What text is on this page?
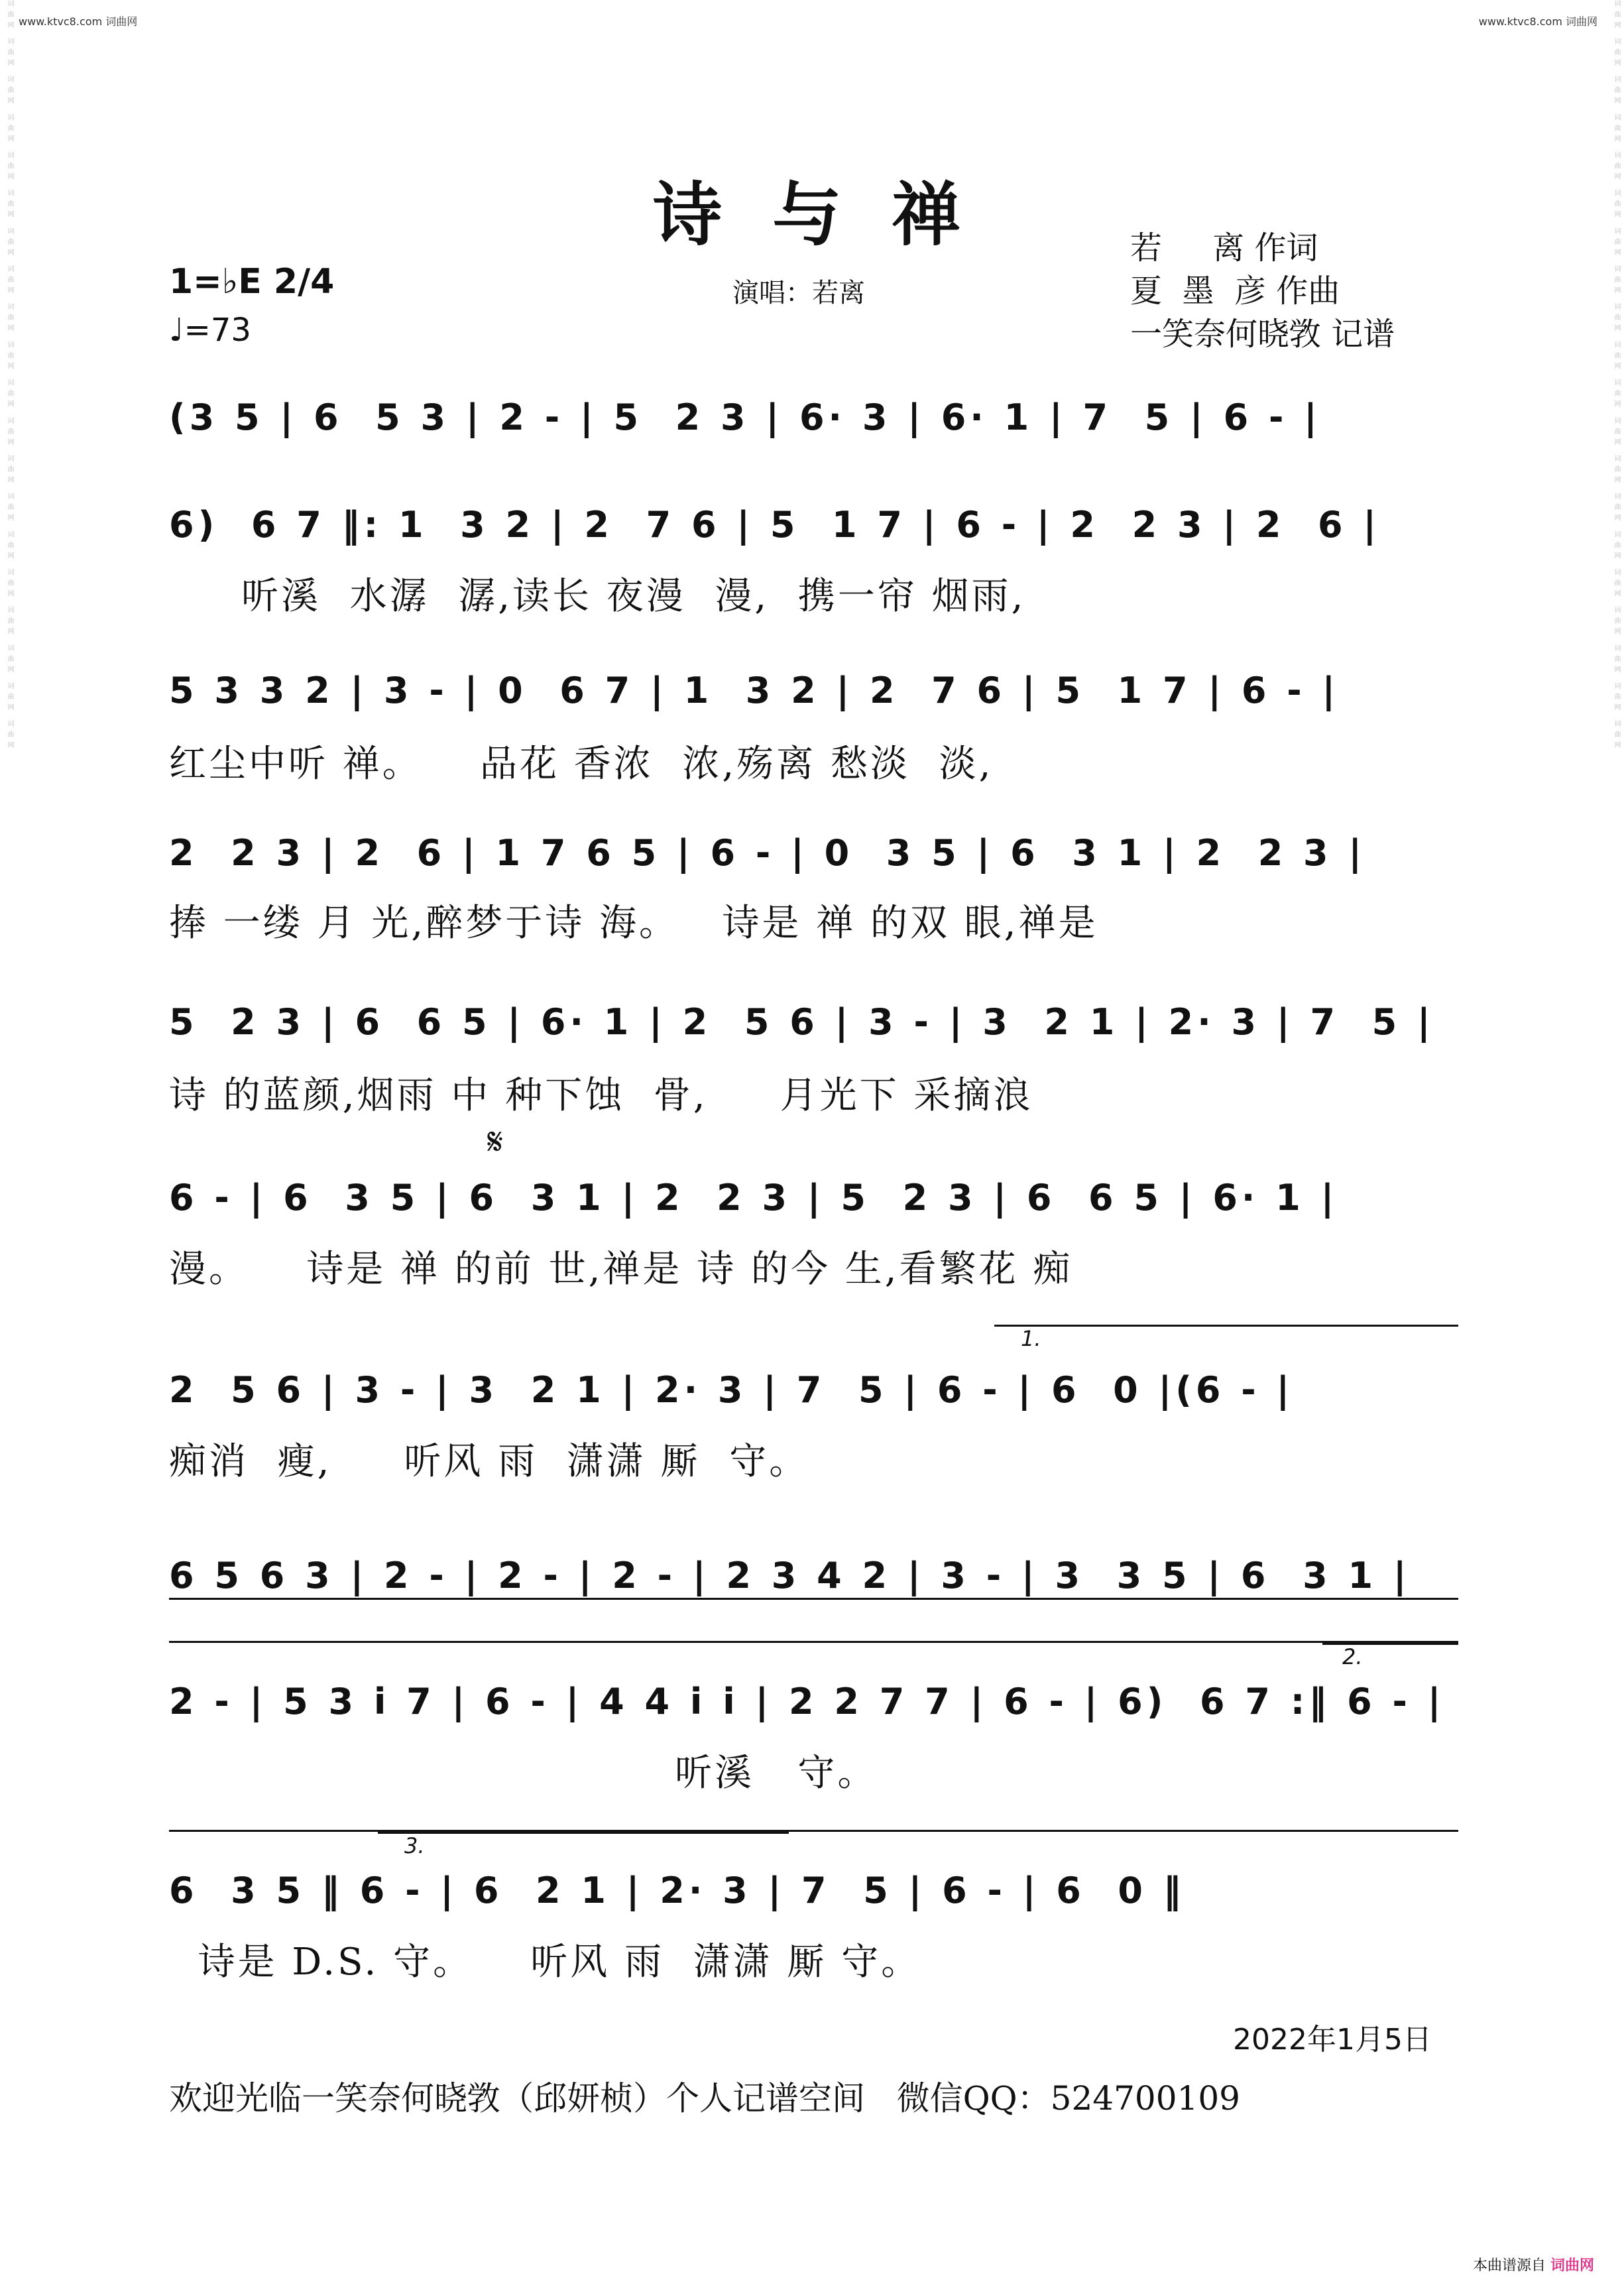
www.ktvc8.com 词曲网	www.ktvc8.com 词曲网
词曲网 词曲网 词曲网 词曲网 词曲网 词曲网 词曲网 词曲网 词曲网 词曲网 词曲网 词曲网 词曲网 词曲网 词曲网 词曲网 词曲网 词曲网 词曲网 词曲网	词曲网 词曲网 词曲网 词曲网 词曲网 词曲网 词曲网 词曲网 词曲网 词曲网 词曲网 词曲网 词曲网 词曲网 词曲网 词曲网 词曲网 词曲网 词曲网 词曲网
诗 与 禅
1=♭E 2/4
♩=73
演唱：若离
若     离 作词
夏  墨  彦 作曲
一笑奈何晓敩 记谱
(3 5 | 6  5 3 | 2 - | 5  2 3 | 6· 3 | 6· 1 | 7  5 | 6 - |
6)  6 7 ‖: 1  3 2 | 2  7 6 | 5  1 7 | 6 - | 2  2 3 | 2  6 |
听溪  水潺  潺,读长 夜漫  漫,  携一帘 烟雨,
5 3 3 2 | 3 - | 0  6 7 | 1  3 2 | 2  7 6 | 5  1 7 | 6 - |
红尘中听 禅。    品花 香浓  浓,殇离 愁淡  淡,
2  2 3 | 2  6 | 1 7 6 5 | 6 - | 0  3 5 | 6  3 1 | 2  2 3 |
捧 一缕 月 光,醉梦于诗 海。   诗是 禅 的双 眼,禅是
5  2 3 | 6  6 5 | 6· 1 | 2  5 6 | 3 - | 3  2 1 | 2· 3 | 7  5 |
诗 的蓝颜,烟雨 中 种下蚀  骨,     月光下 采摘浪
𝄋
6 - | 6  3 5 | 6  3 1 | 2  2 3 | 5  2 3 | 6  6 5 | 6· 1 |
漫。    诗是 禅 的前 世,禅是 诗 的今 生,看繁花 痴
1.
2  5 6 | 3 - | 3  2 1 | 2· 3 | 7  5 | 6 - | 6  0 |(6 - |
痴消  瘦,     听风 雨  潇潇 厮  守。
6 5 6 3 | 2 - | 2 - | 2 - | 2 3 4 2 | 3 - | 3  3 5 | 6  3 1 |
2.
2 - | 5 3 i 7 | 6 - | 4 4 i i | 2 2 7 7 | 6 - | 6)  6 7 :‖ 6 - |
听溪   守。
3.
6  3 5 ‖ 6 - | 6  2 1 | 2· 3 | 7  5 | 6 - | 6  0 ‖
诗是 D.S. 守。    听风 雨  潇潇 厮 守。
2022年1月5日
欢迎光临一笑奈何晓敩（邱妍桢）个人记谱空间   微信QQ：524700109
本曲谱源自 词曲网
